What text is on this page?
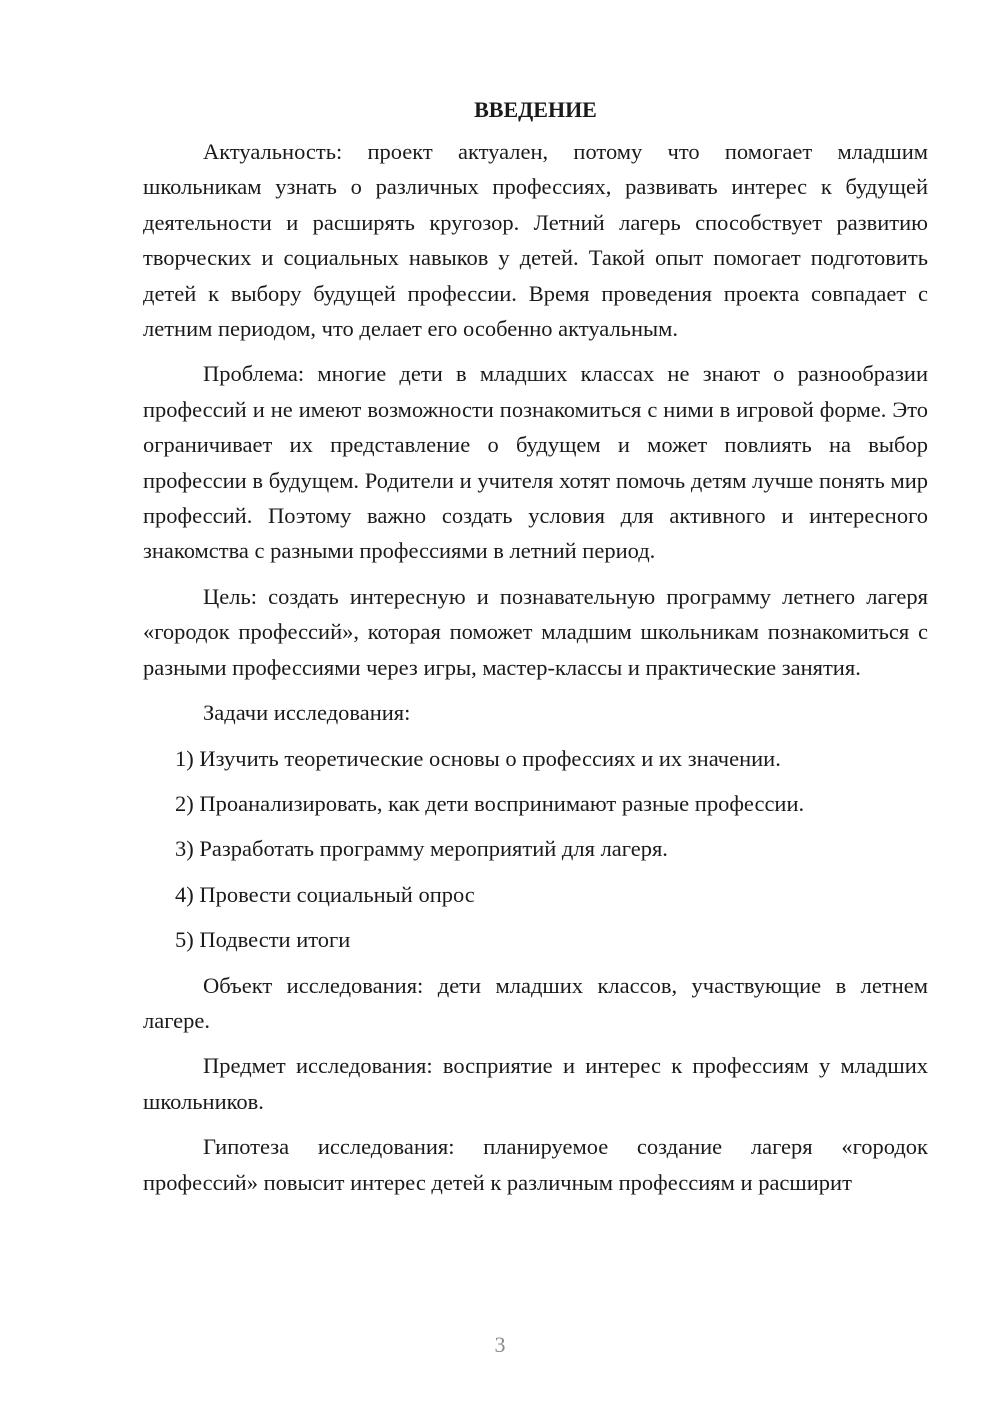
ВВЕДЕНИЕ

Актуальность: проект актуален, потому что помогает младшим школьникам узнать о различных профессиях, развивать интерес к будущей деятельности и расширять кругозор. Летний лагерь способствует развитию творческих и социальных навыков у детей. Такой опыт помогает подготовить детей к выбору будущей профессии. Время проведения проекта совпадает с летним периодом, что делает его особенно актуальным.

Проблема: многие дети в младших классах не знают о разнообразии профессий и не имеют возможности познакомиться с ними в игровой форме. Это ограничивает их представление о будущем и может повлиять на выбор профессии в будущем. Родители и учителя хотят помочь детям лучше понять мир профессий. Поэтому важно создать условия для активного и интересного знакомства с разными профессиями в летний период.

Цель: создать интересную и познавательную программу летнего лагеря «городок профессий», которая поможет младшим школьникам познакомиться с разными профессиями через игры, мастер-классы и практические занятия.

Задачи исследования:

1) Изучить теоретические основы о профессиях и их значении.
2) Проанализировать, как дети воспринимают разные профессии.
3) Разработать программу мероприятий для лагеря.
4) Провести социальный опрос
5) Подвести итоги

Объект исследования: дети младших классов, участвующие в летнем лагере.

Предмет исследования: восприятие и интерес к профессиям у младших школьников.

Гипотеза исследования: планируемое создание лагеря «городок профессий» повысит интерес детей к различным профессиям и расширит

3
